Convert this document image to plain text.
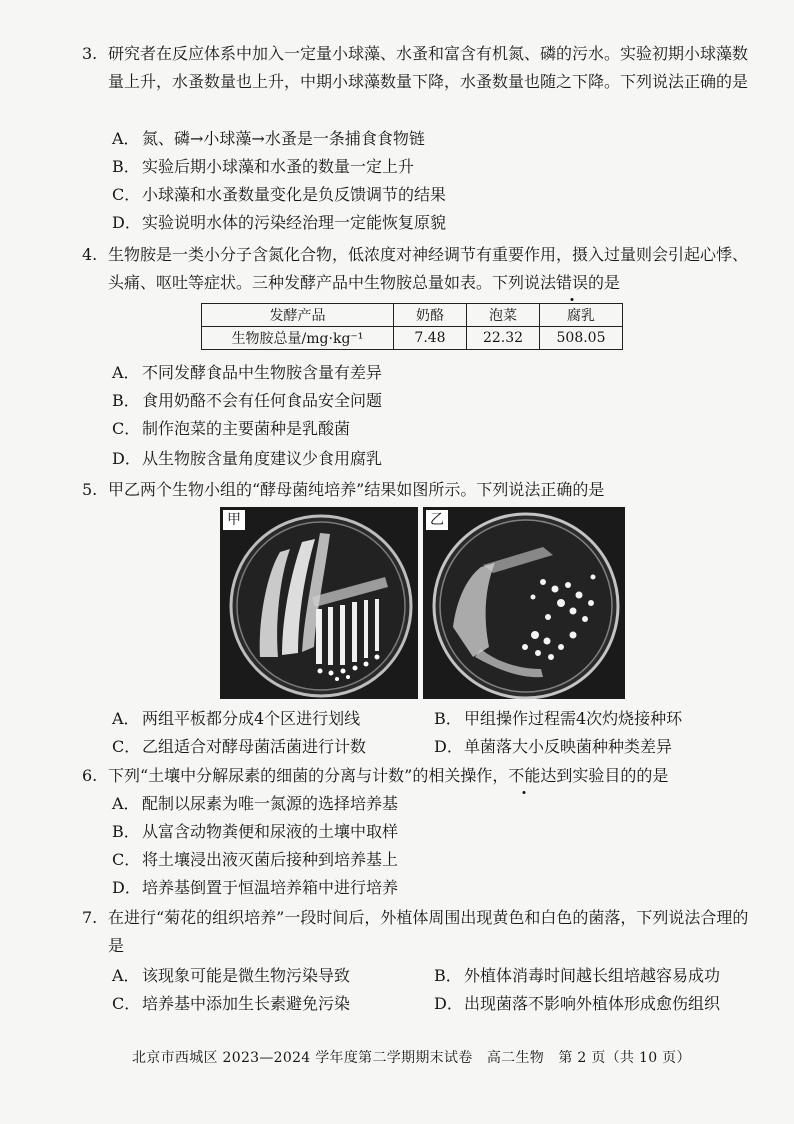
3. 研究者在反应体系中加入一定量小球藻、水蚤和富含有机氮、磷的污水。实验初期小球藻数量上升，水蚤数量也上升，中期小球藻数量下降，水蚤数量也随之下降。下列说法正确的是
A． 氮、磷→小球藻→水蚤是一条捕食食物链
B． 实验后期小球藻和水蚤的数量一定上升
C． 小球藻和水蚤数量变化是负反馈调节的结果
D．实验说明水体的污染经治理一定能恢复原貌
4. 生物胺是一类小分子含氮化合物，低浓度对神经调节有重要作用，摄入过量则会引起心悸、头痛、呕吐等症状。三种发酵产品中生物胺总量如表。下列说法错误的是
发酵产品	奶酪	泡菜	腐乳
生物胺总量/mg·kg⁻¹	7.48	22.32	508.05
A． 不同发酵食品中生物胺含量有差异
B． 食用奶酪不会有任何食品安全问题
C． 制作泡菜的主要菌种是乳酸菌
D．从生物胺含量角度建议少食用腐乳
5. 甲乙两个生物小组的“酵母菌纯培养”结果如图所示。下列说法正确的是
甲	乙
A． 两组平板都分成4个区进行划线	B． 甲组操作过程需4次灼烧接种环
C． 乙组适合对酵母菌活菌进行计数	D．单菌落大小反映菌种种类差异
6. 下列“土壤中分解尿素的细菌的分离与计数”的相关操作，不能达到实验目的的是
A． 配制以尿素为唯一氮源的选择培养基
B． 从富含动物粪便和尿液的土壤中取样
C． 将土壤浸出液灭菌后接种到培养基上
D．培养基倒置于恒温培养箱中进行培养
7. 在进行“菊花的组织培养”一段时间后，外植体周围出现黄色和白色的菌落，下列说法合理的是
A． 该现象可能是微生物污染导致	B． 外植体消毒时间越长组培越容易成功
C． 培养基中添加生长素避免污染	D．出现菌落不影响外植体形成愈伤组织
北京市西城区 2023—2024 学年度第二学期期末试卷　高二生物　第 2 页（共 10 页）
